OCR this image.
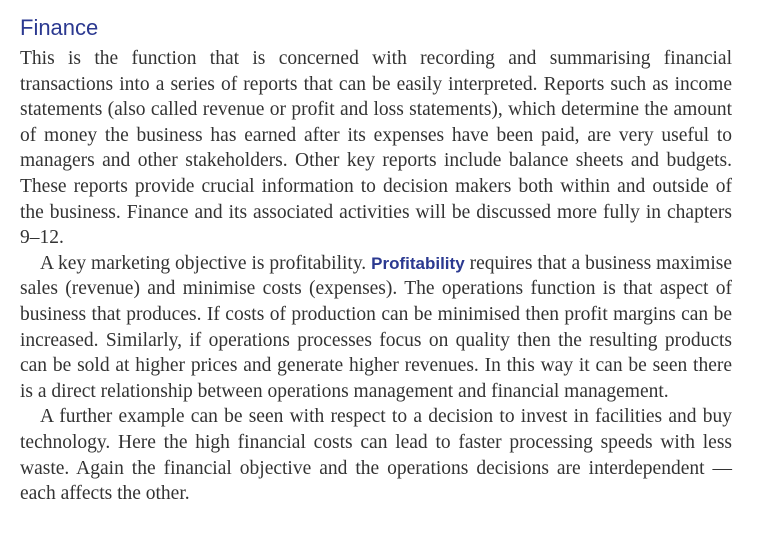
Finance

This is the function that is concerned with recording and summarising financial transactions into a series of reports that can be easily interpreted. Reports such as income statements (also called revenue or profit and loss statements), which determine the amount of money the business has earned after its expenses have been paid, are very useful to managers and other stakeholders. Other key reports include balance sheets and budgets. These reports provide crucial information to decision makers both within and outside of the business. Finance and its associated activities will be discussed more fully in chapters 9–12.

A key marketing objective is profitability. Profitability requires that a business maximise sales (revenue) and minimise costs (expenses). The operations function is that aspect of business that produces. If costs of production can be minimised then profit margins can be increased. Similarly, if operations processes focus on quality then the resulting products can be sold at higher prices and generate higher revenues. In this way it can be seen there is a direct relationship between operations management and financial management.

A further example can be seen with respect to a decision to invest in facilities and buy technology. Here the high financial costs can lead to faster processing speeds with less waste. Again the financial objective and the operations decisions are interdependent — each affects the other.
